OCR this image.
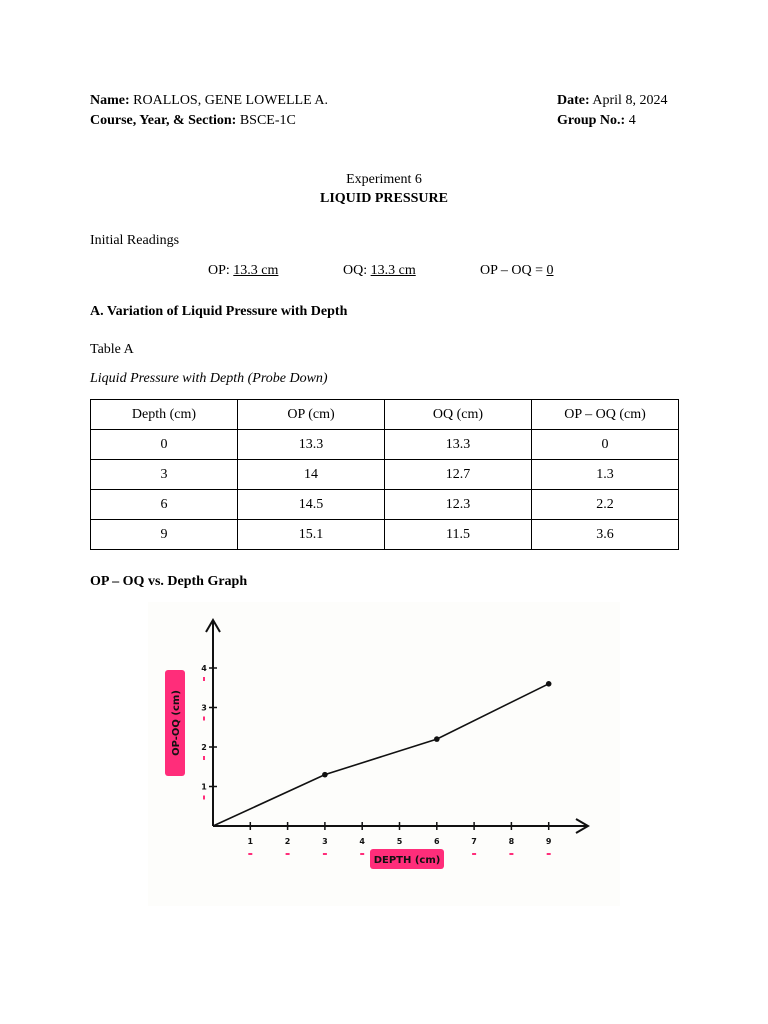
Name: ROALLOS, GENE LOWELLE A.
Course, Year, & Section: BSCE-1C
Date: April 8, 2024
Group No.: 4
Experiment 6
LIQUID PRESSURE
Initial Readings
OP: 13.3 cm	OQ: 13.3 cm	OP – OQ = 0
A. Variation of Liquid Pressure with Depth
Table A
Liquid Pressure with Depth (Probe Down)
Depth (cm)	OP (cm)	OQ (cm)	OP – OQ (cm)
0	13.3	13.3	0
3	14	12.7	1.3
6	14.5	12.3	2.2
9	15.1	11.5	3.6
OP – OQ vs. Depth Graph
1	2	3	4	5	6	7	8	9
1
2
3
4
DEPTH (cm)
OP-OQ (cm)
